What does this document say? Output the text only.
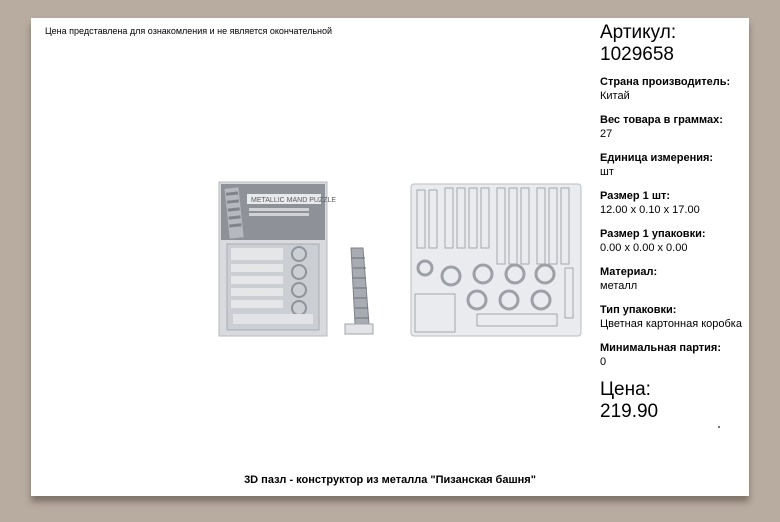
Цена представлена для ознакомления и не является окончательной
METALLIC MAND PUZZLE
Артикул:
1029658
Страна производитель:
Китай
Вес товара в граммах:
27
Единица измерения:
шт
Размер 1 шт:
12.00 x 0.10 x 17.00
Размер 1 упаковки:
0.00 x 0.00 x 0.00
Материал:
металл
Тип упаковки:
Цветная картонная коробка
Минимальная партия:
0
Цена:
219.90
3D пазл - конструктор из металла "Пизанская башня"
